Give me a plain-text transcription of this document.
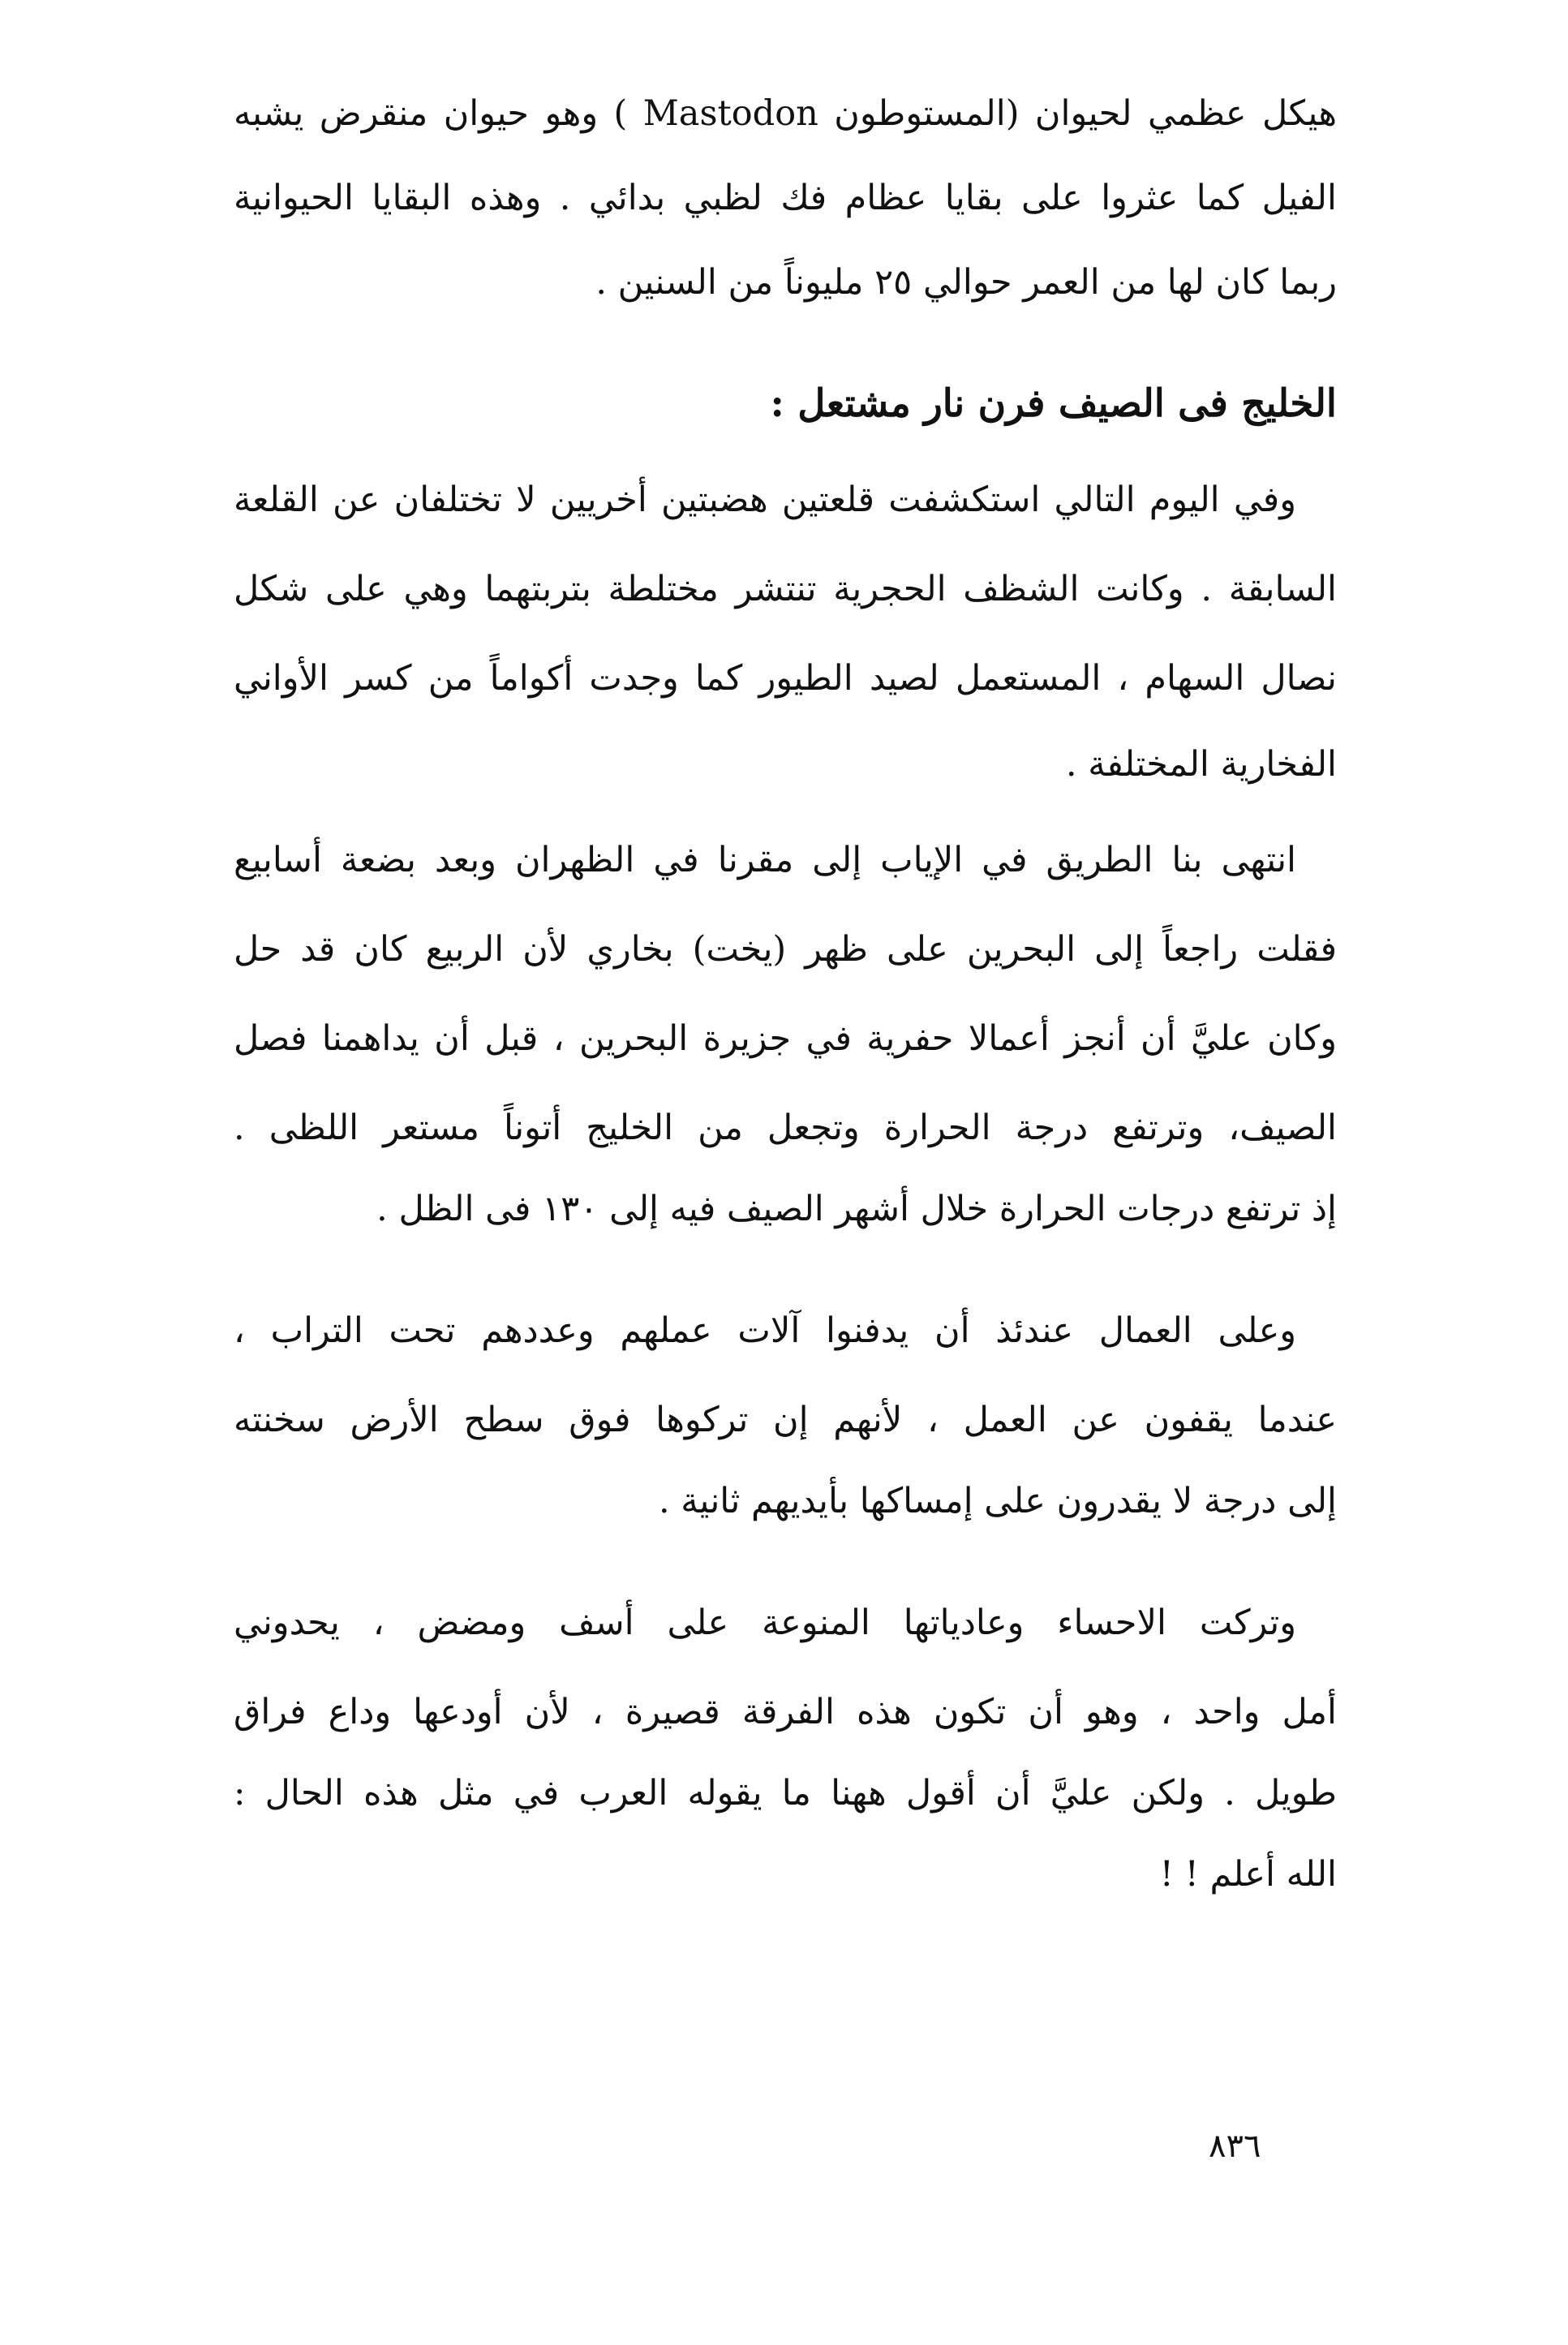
هيكل عظمي لحيوان (المستوطون Mastodon ) وهو حيوان منقرض يشبه
الفيل كما عثروا على بقايا عظام فك لظبي بدائي . وهذه البقايا الحيوانية
ربما كان لها من العمر حوالي ٢٥ مليوناً من السنين .
الخليج فى الصيف فرن نار مشتعل :
وفي اليوم التالي استكشفت قلعتين هضبتين أخريين لا تختلفان عن القلعة
السابقة . وكانت الشظف الحجرية تنتشر مختلطة بتربتهما وهي على شكل
نصال السهام ، المستعمل لصيد الطيور كما وجدت أكواماً من كسر الأواني
الفخارية المختلفة .
انتهى بنا الطريق في الإياب إلى مقرنا في الظهران وبعد بضعة أسابيع
فقلت راجعاً إلى البحرين على ظهر (يخت) بخاري لأن الربيع كان قد حل
وكان عليَّ أن أنجز أعمالا حفرية في جزيرة البحرين ، قبل أن يداهمنا فصل
الصيف، وترتفع درجة الحرارة وتجعل من الخليج أتوناً مستعر اللظى .
إذ ترتفع درجات الحرارة خلال أشهر الصيف فيه إلى ١٣٠ فى الظل .
وعلى العمال عندئذ أن يدفنوا آلات عملهم وعددهم تحت التراب ،
عندما يقفون عن العمل ، لأنهم إن تركوها فوق سطح الأرض سخنته
إلى درجة لا يقدرون على إمساكها بأيديهم ثانية .
وتركت الاحساء وعادياتها المنوعة على أسف ومضض ، يحدوني
أمل واحد ، وهو أن تكون هذه الفرقة قصيرة ، لأن أودعها وداع فراق
طويل . ولكن عليَّ أن أقول ههنا ما يقوله العرب في مثل هذه الحال :
الله أعلم ! !
٨٣٦
